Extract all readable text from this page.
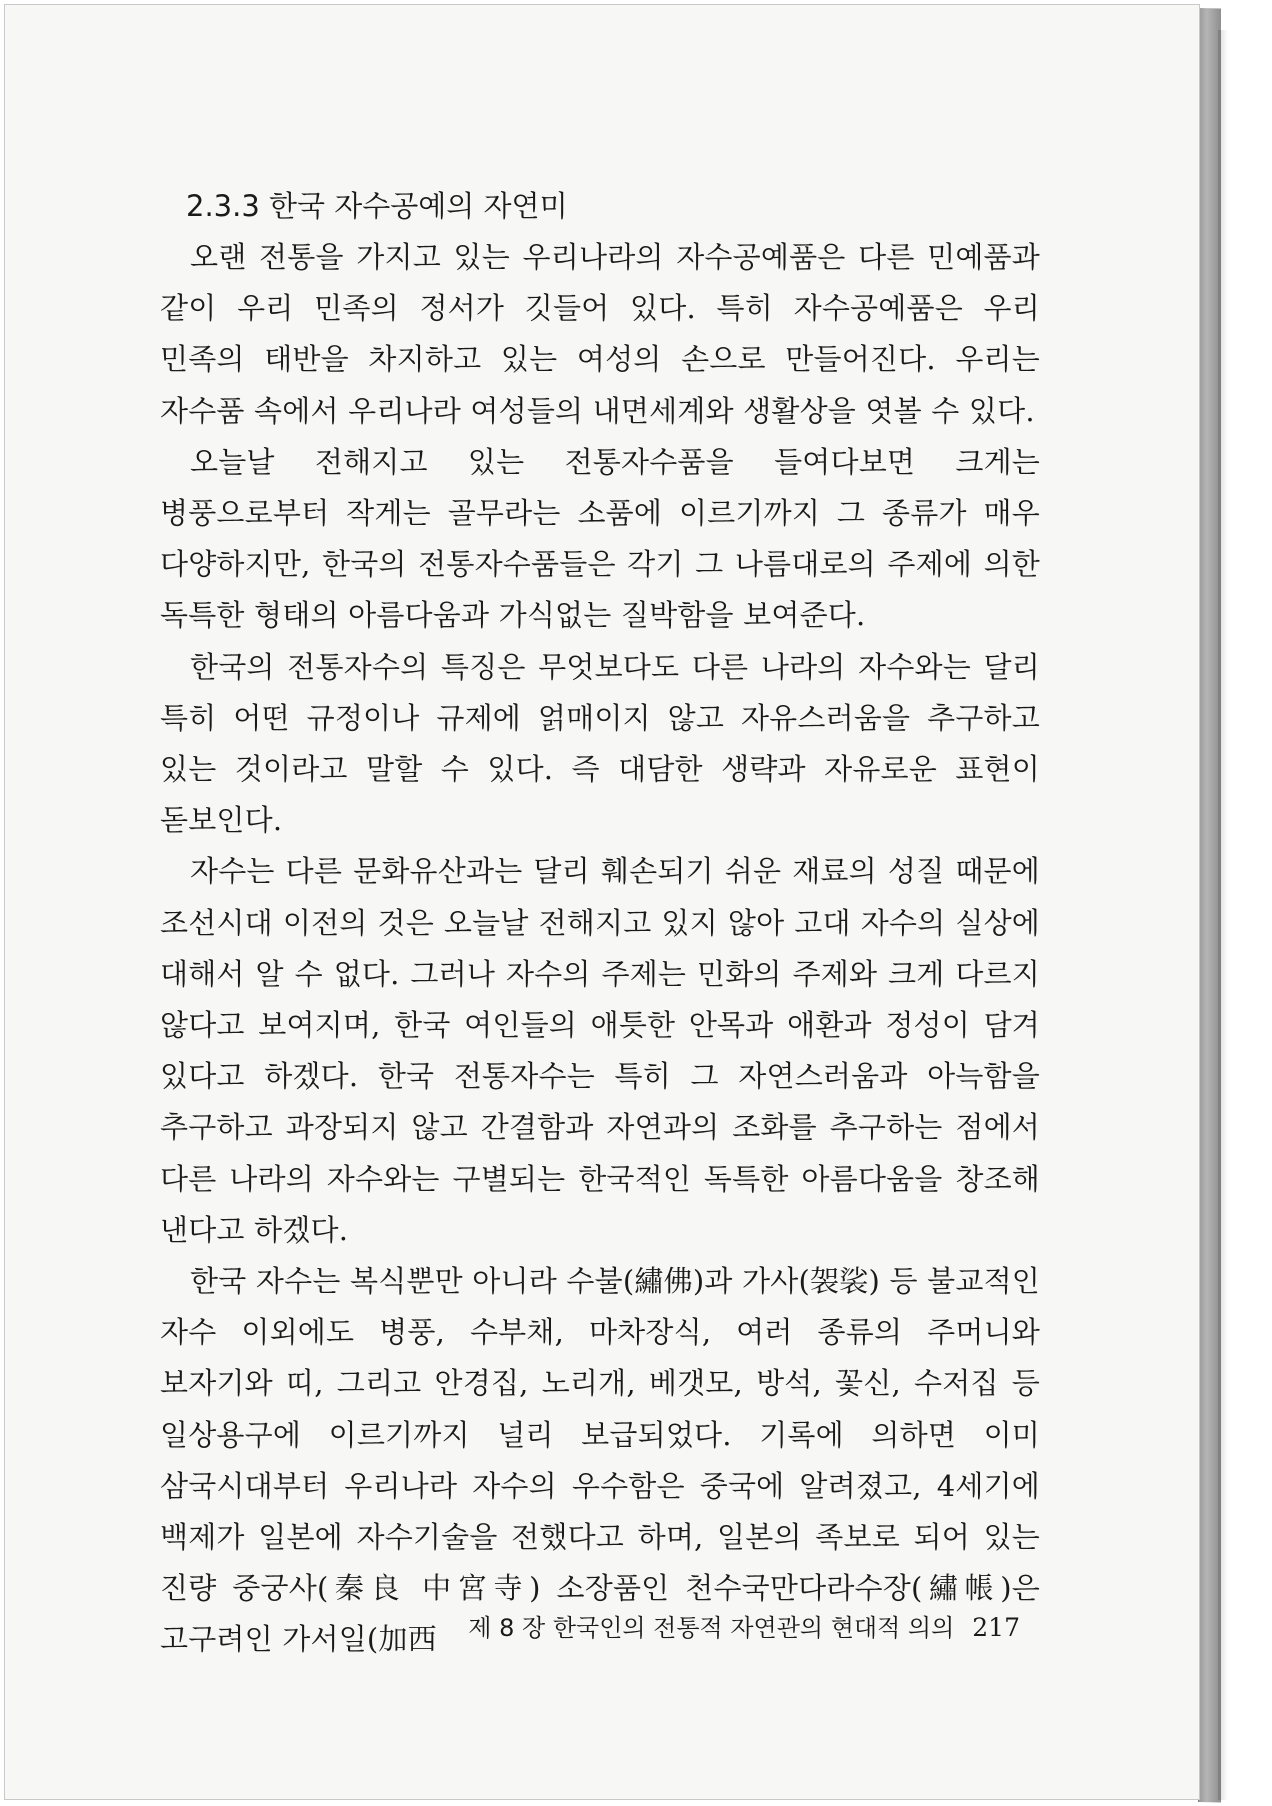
2.3.3 한국 자수공예의 자연미

오랜 전통을 가지고 있는 우리나라의 자수공예품은 다른 민예품과 같이 우리 민족의 정서가 깃들어 있다. 특히 자수공예품은 우리 민족의 태반을 차지하고 있는 여성의 손으로 만들어진다. 우리는 자수품 속에서 우리나라 여성들의 내면세계와 생활상을 엿볼 수 있다.

오늘날 전해지고 있는 전통자수품을 들여다보면 크게는 병풍으로부터 작게는 골무라는 소품에 이르기까지 그 종류가 매우 다양하지만, 한국의 전통자수품들은 각기 그 나름대로의 주제에 의한 독특한 형태의 아름다움과 가식없는 질박함을 보여준다.

한국의 전통자수의 특징은 무엇보다도 다른 나라의 자수와는 달리 특히 어떤 규정이나 규제에 얽매이지 않고 자유스러움을 추구하고 있는 것이라고 말할 수 있다. 즉 대담한 생략과 자유로운 표현이 돋보인다.

자수는 다른 문화유산과는 달리 훼손되기 쉬운 재료의 성질 때문에 조선시대 이전의 것은 오늘날 전해지고 있지 않아 고대 자수의 실상에 대해서 알 수 없다. 그러나 자수의 주제는 민화의 주제와 크게 다르지 않다고 보여지며, 한국 여인들의 애틋한 안목과 애환과 정성이 담겨 있다고 하겠다. 한국 전통자수는 특히 그 자연스러움과 아늑함을 추구하고 과장되지 않고 간결함과 자연과의 조화를 추구하는 점에서 다른 나라의 자수와는 구별되는 한국적인 독특한 아름다움을 창조해 낸다고 하겠다.

한국 자수는 복식뿐만 아니라 수불(繡佛)과 가사(袈裟) 등 불교적인 자수 이외에도 병풍, 수부채, 마차장식, 여러 종류의 주머니와 보자기와 띠, 그리고 안경집, 노리개, 베갯모, 방석, 꽃신, 수저집 등 일상용구에 이르기까지 널리 보급되었다. 기록에 의하면 이미 삼국시대부터 우리나라 자수의 우수함은 중국에 알려졌고, 4세기에 백제가 일본에 자수기술을 전했다고 하며, 일본의 족보로 되어 있는 진량 중궁사(秦良 中宮寺) 소장품인 천수국만다라수장(繡帳)은 고구려인 가서일(加西	제 8 장 한국인의 전통적 자연관의 현대적 의의 217
